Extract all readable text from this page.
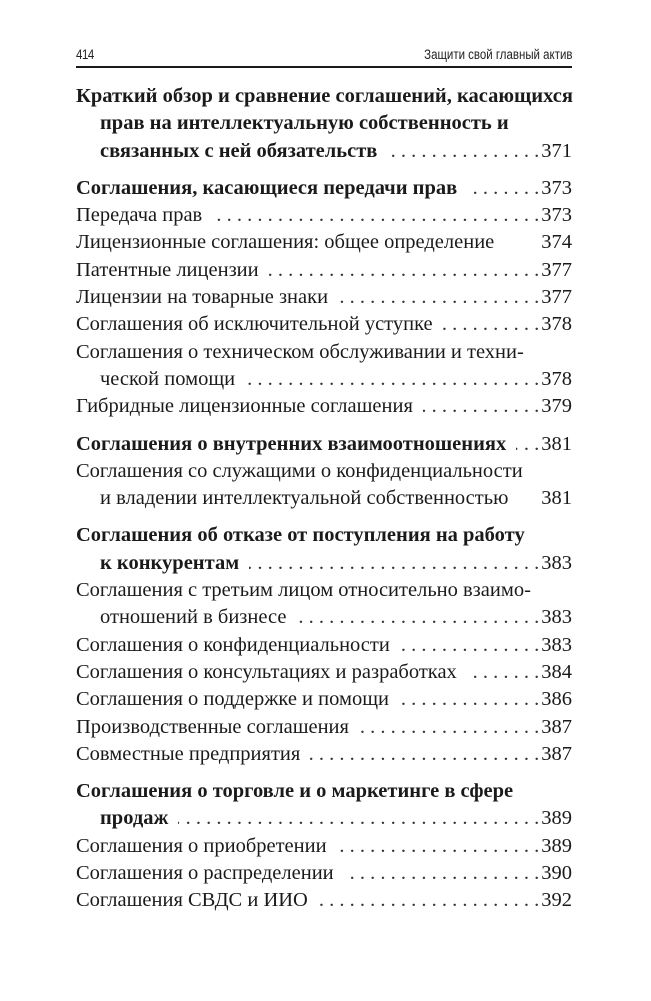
414	Защити свой главный актив
Краткий обзор и сравнение соглашений, касающихся
прав на интеллектуальную собственность и
связанных с ней обязательств . . .	371
Соглашения, касающиеся передачи прав . . .	373
Передача прав . . .	373
Лицензионные соглашения: общее определение 374
Патентные лицензии . . .	377
Лицензии на товарные знаки . . .	377
Соглашения об исключительной уступке . . .	378
Соглашения о техническом обслуживании и техни-
ческой помощи . . .	378
Гибридные лицензионные соглашения . . .	379
Соглашения о внутренних взаимоотношениях . . . 381
Соглашения со служащими о конфиденциальности
и владении интеллектуальной собственностью 381
Соглашения об отказе от поступления на работу
к конкурентам . . .	383
Соглашения с третьим лицом относительно взаимо-
отношений в бизнесе . . .	383
Соглашения о конфиденциальности . . .	383
Соглашения о консультациях и разработках . . .	384
Соглашения о поддержке и помощи . . .	386
Производственные соглашения . . .	387
Совместные предприятия . . .	387
Соглашения о торговле и о маркетинге в сфере
продаж . . .	389
Соглашения о приобретении . . .	389
Соглашения о распределении . . .	390
Соглашения СВДС и ИИО . . .	392
